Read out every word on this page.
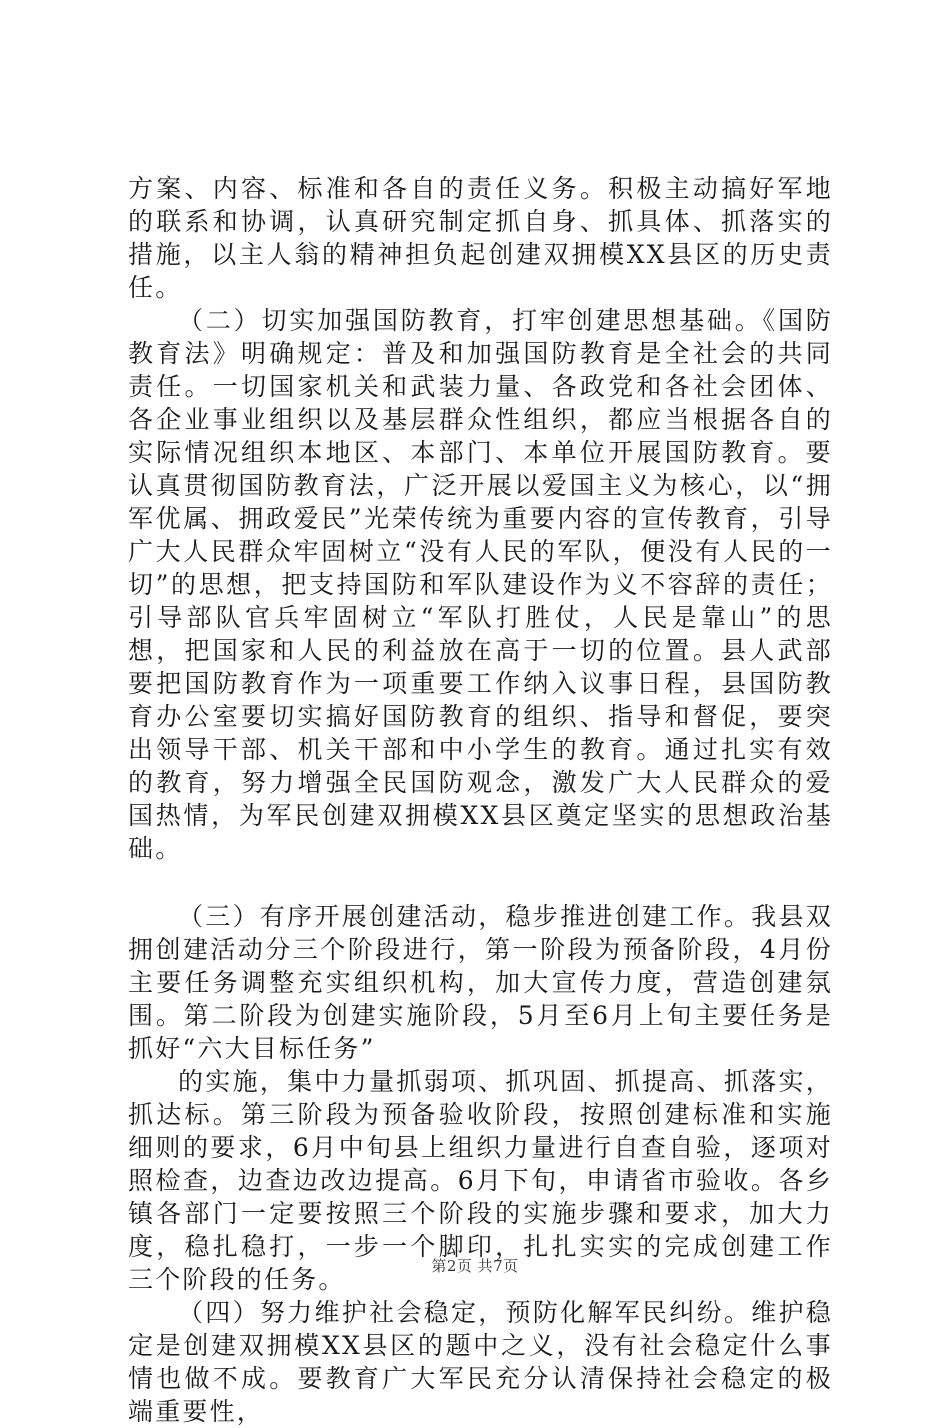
方案、内容、标准和各自的责任义务。积极主动搞好军地的联系和协调，认真研究制定抓自身、抓具体、抓落实的措施，以主人翁的精神担负起创建双拥模XX县区的历史责任。

（二）切实加强国防教育，打牢创建思想基础。《国防教育法》明确规定：普及和加强国防教育是全社会的共同责任。一切国家机关和武装力量、各政党和各社会团体、各企业事业组织以及基层群众性组织，都应当根据各自的实际情况组织本地区、本部门、本单位开展国防教育。要认真贯彻国防教育法，广泛开展以爱国主义为核心，以“拥军优属、拥政爱民”光荣传统为重要内容的宣传教育，引导广大人民群众牢固树立“没有人民的军队，便没有人民的一切”的思想，把支持国防和军队建设作为义不容辞的责任；引导部队官兵牢固树立“军队打胜仗，人民是靠山”的思想，把国家和人民的利益放在高于一切的位置。县人武部要把国防教育作为一项重要工作纳入议事日程，县国防教育办公室要切实搞好国防教育的组织、指导和督促，要突出领导干部、机关干部和中小学生的教育。通过扎实有效的教育，努力增强全民国防观念，激发广大人民群众的爱国热情，为军民创建双拥模XX县区奠定坚实的思想政治基础。

（三）有序开展创建活动，稳步推进创建工作。我县双拥创建活动分三个阶段进行，第一阶段为预备阶段，4月份主要任务调整充实组织机构，加大宣传力度，营造创建氛围。第二阶段为创建实施阶段，5月至6月上旬主要任务是抓好“六大目标任务”

的实施，集中力量抓弱项、抓巩固、抓提高、抓落实，抓达标。第三阶段为预备验收阶段，按照创建标准和实施细则的要求，6月中旬县上组织力量进行自查自验，逐项对照检查，边查边改边提高。6月下旬，申请省市验收。各乡镇各部门一定要按照三个阶段的实施步骤和要求，加大力度，稳扎稳打，一步一个脚印，扎扎实实的完成创建工作三个阶段的任务。

（四）努力维护社会稳定，预防化解军民纠纷。维护稳定是创建双拥模XX县区的题中之义，没有社会稳定什么事情也做不成。要教育广大军民充分认清保持社会稳定的极端重要性，

第2页 共7页
